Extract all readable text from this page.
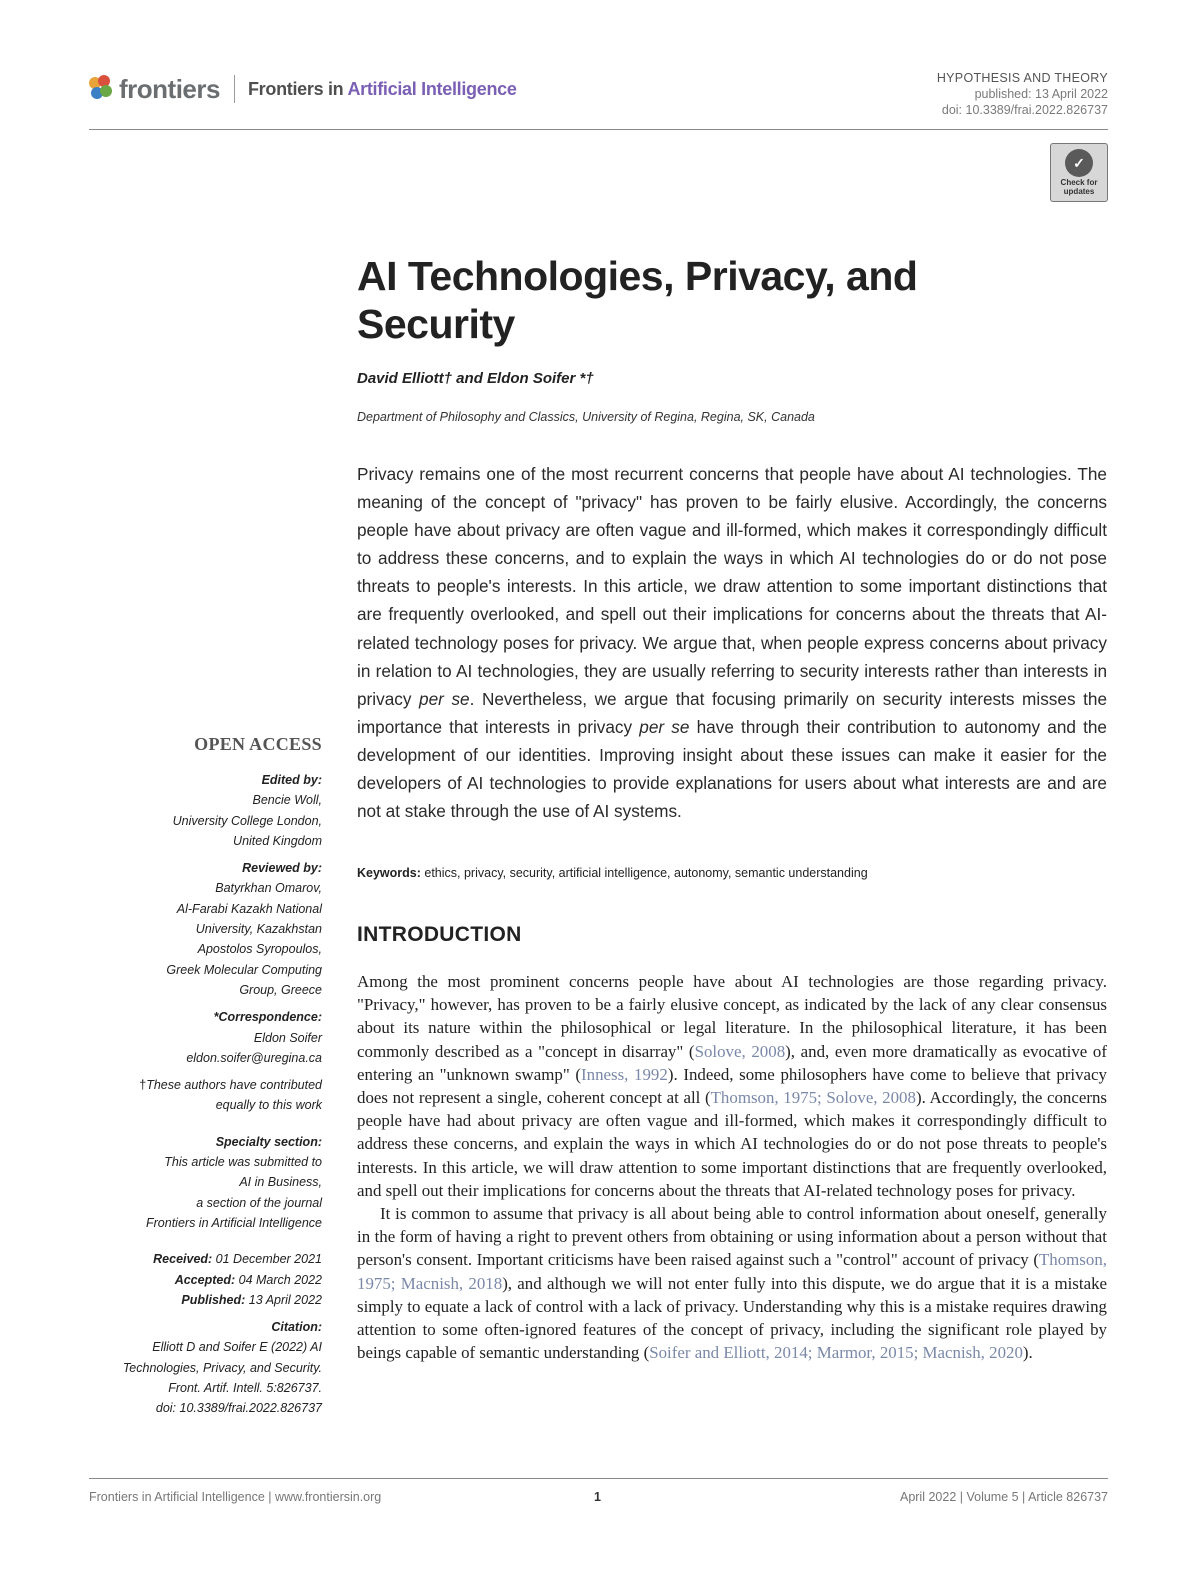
frontiers Frontiers in Artificial Intelligence
HYPOTHESIS AND THEORY
published: 13 April 2022
doi: 10.3389/frai.2022.826737
✓
Check for updates
AI Technologies, Privacy, and Security
David Elliott† and Eldon Soifer *†
Department of Philosophy and Classics, University of Regina, Regina, SK, Canada
Privacy remains one of the most recurrent concerns that people have about AI technologies. The meaning of the concept of "privacy" has proven to be fairly elusive. Accordingly, the concerns people have about privacy are often vague and ill-formed, which makes it correspondingly difficult to address these concerns, and to explain the ways in which AI technologies do or do not pose threats to people's interests. In this article, we draw attention to some important distinctions that are frequently overlooked, and spell out their implications for concerns about the threats that AI-related technology poses for privacy. We argue that, when people express concerns about privacy in relation to AI technologies, they are usually referring to security interests rather than interests in privacy per se. Nevertheless, we argue that focusing primarily on security interests misses the importance that interests in privacy per se have through their contribution to autonomy and the development of our identities. Improving insight about these issues can make it easier for the developers of AI technologies to provide explanations for users about what interests are and are not at stake through the use of AI systems.
Keywords: ethics, privacy, security, artificial intelligence, autonomy, semantic understanding
INTRODUCTION

Among the most prominent concerns people have about AI technologies are those regarding privacy. "Privacy," however, has proven to be a fairly elusive concept, as indicated by the lack of any clear consensus about its nature within the philosophical or legal literature. In the philosophical literature, it has been commonly described as a "concept in disarray" (Solove, 2008), and, even more dramatically as evocative of entering an "unknown swamp" (Inness, 1992). Indeed, some philosophers have come to believe that privacy does not represent a single, coherent concept at all (Thomson, 1975; Solove, 2008). Accordingly, the concerns people have had about privacy are often vague and ill-formed, which makes it correspondingly difficult to address these concerns, and explain the ways in which AI technologies do or do not pose threats to people's interests. In this article, we will draw attention to some important distinctions that are frequently overlooked, and spell out their implications for concerns about the threats that AI-related technology poses for privacy.

It is common to assume that privacy is all about being able to control information about oneself, generally in the form of having a right to prevent others from obtaining or using information about a person without that person's consent. Important criticisms have been raised against such a "control" account of privacy (Thomson, 1975; Macnish, 2018), and although we will not enter fully into this dispute, we do argue that it is a mistake simply to equate a lack of control with a lack of privacy. Understanding why this is a mistake requires drawing attention to some often-ignored features of the concept of privacy, including the significant role played by beings capable of semantic understanding (Soifer and Elliott, 2014; Marmor, 2015; Macnish, 2020).

OPEN ACCESS
Edited by:
Bencie Woll,
University College London,
United Kingdom
Reviewed by:
Batyrkhan Omarov,
Al-Farabi Kazakh National
University, Kazakhstan
Apostolos Syropoulos,
Greek Molecular Computing
Group, Greece
*Correspondence:
Eldon Soifer
eldon.soifer@uregina.ca
†These authors have contributed
equally to this work
Specialty section:
This article was submitted to
AI in Business,
a section of the journal
Frontiers in Artificial Intelligence
Received: 01 December 2021
Accepted: 04 March 2022
Published: 13 April 2022
Citation:
Elliott D and Soifer E (2022) AI
Technologies, Privacy, and Security.
Front. Artif. Intell. 5:826737.
doi: 10.3389/frai.2022.826737
Frontiers in Artificial Intelligence | www.frontiersin.org	1	April 2022 | Volume 5 | Article 826737
